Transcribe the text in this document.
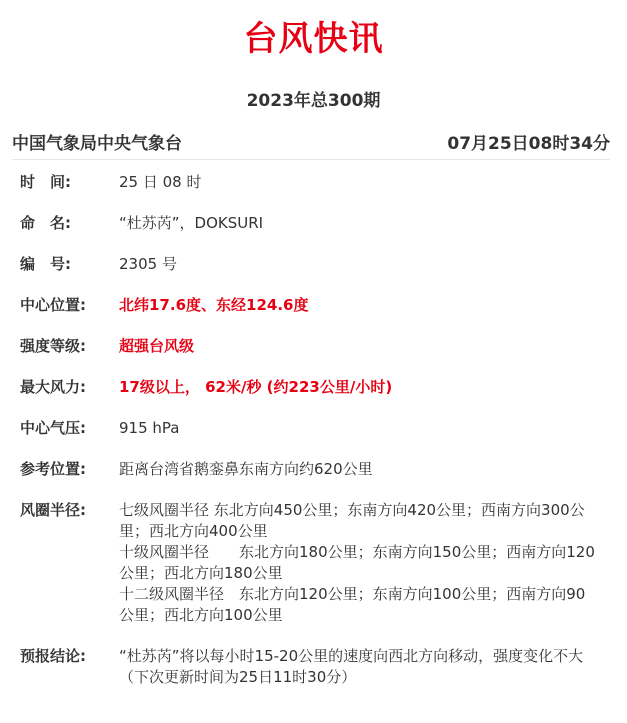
台风快讯
2023年总300期
中国气象局中央气象台	07月25日08时34分
时　间:	25 日 08 时
命　名:	“杜苏芮”，DOKSURI
编　号:	2305 号
中心位置:	北纬17.6度、东经124.6度
强度等级:	超强台风级
最大风力:	17级以上， 62米/秒 (约223公里/小时)
中心气压:	915 hPa
参考位置:	距离台湾省鹅銮鼻东南方向约620公里
风圈半径:	七级风圈半径 东北方向450公里；东南方向420公里；西南方向300公里；西北方向400公里
十级风圈半径　　东北方向180公里；东南方向150公里；西南方向120公里；西北方向180公里
十二级风圈半径　东北方向120公里；东南方向100公里；西南方向90公里；西北方向100公里
预报结论:	“杜苏芮”将以每小时15-20公里的速度向西北方向移动，强度变化不大
（下次更新时间为25日11时30分）
